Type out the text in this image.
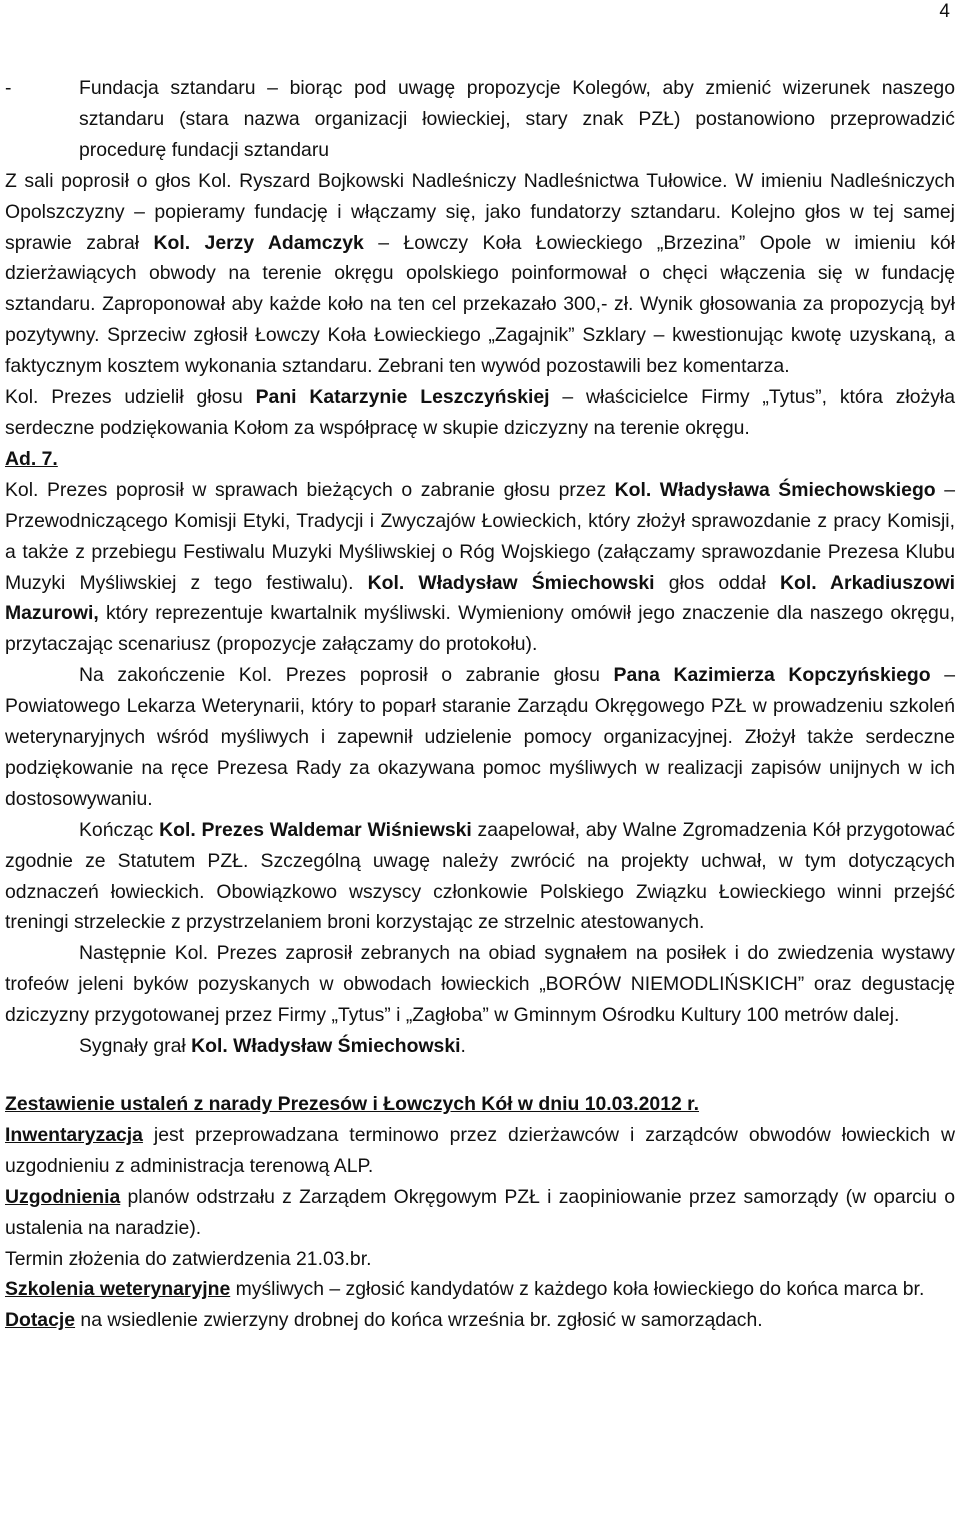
4

-	Fundacja sztandaru – biorąc pod uwagę propozycje Kolegów, aby zmienić wizerunek naszego sztandaru (stara nazwa organizacji łowieckiej, stary znak PZŁ) postanowiono przeprowadzić procedurę fundacji sztandaru

Z sali poprosił o głos Kol. Ryszard Bojkowski Nadleśniczy Nadleśnictwa Tułowice. W imieniu Nadleśniczych Opolszczyzny – popieramy fundację i włączamy się, jako fundatorzy sztandaru. Kolejno głos w tej samej sprawie zabrał Kol. Jerzy Adamczyk – Łowczy Koła Łowieckiego „Brzezina” Opole w imieniu kół dzierżawiących obwody na terenie okręgu opolskiego poinformował o chęci włączenia się w fundację sztandaru. Zaproponował aby każde koło na ten cel przekazało 300,- zł. Wynik głosowania za propozycją był pozytywny. Sprzeciw zgłosił Łowczy Koła Łowieckiego „Zagajnik” Szklary – kwestionując kwotę uzyskaną, a faktycznym kosztem wykonania sztandaru. Zebrani ten wywód pozostawili bez komentarza.

Kol. Prezes udzielił głosu Pani Katarzynie Leszczyńskiej – właścicielce Firmy „Tytus”, która złożyła serdeczne podziękowania Kołom za współpracę w skupie dziczyzny na terenie okręgu.

Ad. 7.

Kol. Prezes poprosił w sprawach bieżących o zabranie głosu przez Kol. Władysława Śmiechowskiego – Przewodniczącego Komisji Etyki, Tradycji i Zwyczajów Łowieckich, który złożył sprawozdanie z pracy Komisji, a także z przebiegu Festiwalu Muzyki Myśliwskiej o Róg Wojskiego (załączamy sprawozdanie Prezesa Klubu Muzyki Myśliwskiej z tego festiwalu). Kol. Władysław Śmiechowski głos oddał Kol. Arkadiuszowi Mazurowi, który reprezentuje kwartalnik myśliwski. Wymieniony omówił jego znaczenie dla naszego okręgu, przytaczając scenariusz (propozycje załączamy do protokołu).

Na zakończenie Kol. Prezes poprosił o zabranie głosu Pana Kazimierza Kopczyńskiego – Powiatowego Lekarza Weterynarii, który to poparł staranie Zarządu Okręgowego PZŁ w prowadzeniu szkoleń weterynaryjnych wśród myśliwych i zapewnił udzielenie pomocy organizacyjnej. Złożył także serdeczne podziękowanie na ręce Prezesa Rady za okazywana pomoc myśliwych w realizacji zapisów unijnych w ich dostosowywaniu.

Kończąc Kol. Prezes Waldemar Wiśniewski zaapelował, aby Walne Zgromadzenia Kół przygotować zgodnie ze Statutem PZŁ. Szczególną uwagę należy zwrócić na projekty uchwał, w tym dotyczących odznaczeń łowieckich. Obowiązkowo wszyscy członkowie Polskiego Związku Łowieckiego winni przejść treningi strzeleckie z przystrzelaniem broni korzystając ze strzelnic atestowanych.

Następnie Kol. Prezes zaprosił zebranych na obiad sygnałem na posiłek i do zwiedzenia wystawy trofeów jeleni byków pozyskanych w obwodach łowieckich „BORÓW NIEMODLIŃSKICH” oraz degustację dziczyzny przygotowanej przez Firmy „Tytus” i „Zagłoba” w Gminnym Ośrodku Kultury 100 metrów dalej.

Sygnały grał Kol. Władysław Śmiechowski.

Zestawienie ustaleń z narady Prezesów i Łowczych Kół w dniu 10.03.2012 r.

Inwentaryzacja jest przeprowadzana terminowo przez dzierżawców i zarządców obwodów łowieckich w uzgodnieniu z administracja terenową ALP.

Uzgodnienia planów odstrzału z Zarządem Okręgowym PZŁ i zaopiniowanie przez samorządy (w oparciu o ustalenia na naradzie).

Termin złożenia do zatwierdzenia 21.03.br.

Szkolenia weterynaryjne myśliwych – zgłosić kandydatów z każdego koła łowieckiego do końca marca br.

Dotacje na wsiedlenie zwierzyny drobnej do końca września br. zgłosić w samorządach.
